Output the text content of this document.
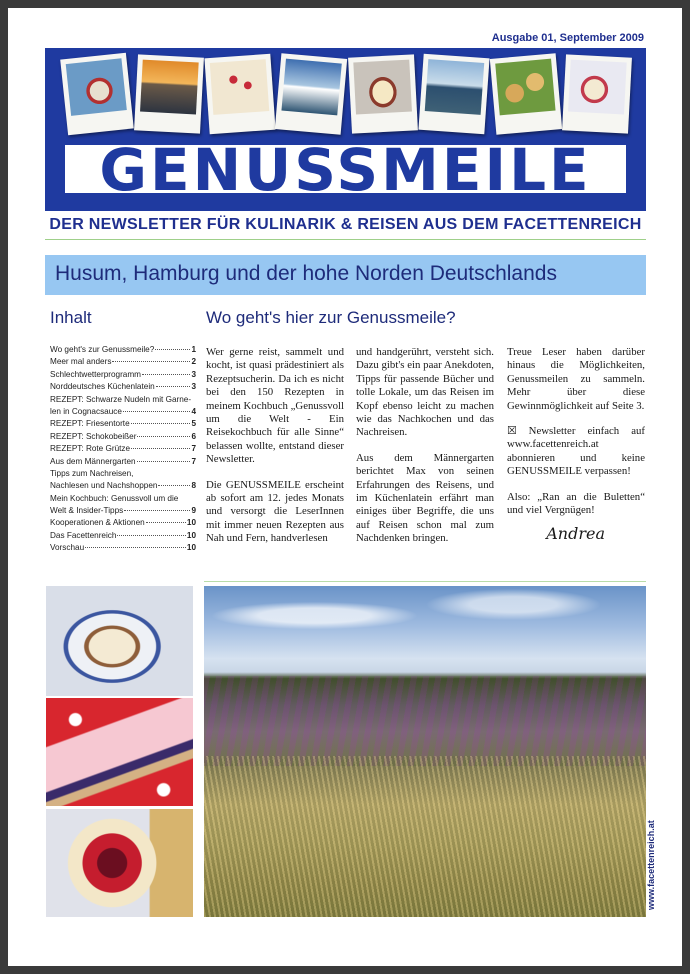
Ausgabe 01, September 2009
GENUSSMEILE
DER NEWSLETTER FÜR KULINARIK & REISEN AUS DEM FACETTENREICH
Husum, Hamburg und der hohe Norden Deutschlands
Inhalt
Wo geht's zur Genussmeile?	1
Meer mal anders	2
Schlechtwetterprogramm	3
Norddeutsches Küchenlatein	3
REZEPT: Schwarze Nudeln mit Garne-
len in Cognacsauce	4
REZEPT: Friesentorte	5
REZEPT: Schokobeißer	6
REZEPT: Rote Grütze	7
Aus dem Männergarten	7
Tipps zum Nachreisen,
Nachlesen und Nachshoppen	8
Mein Kochbuch: Genussvoll um die
Welt & Insider-Tipps	9
Kooperationen & Aktionen	10
Das Facettenreich	10
Vorschau	10
Wo geht's hier zur Genussmeile?

Wer gerne reist, sammelt und kocht, ist quasi prädestiniert als Rezeptsucherin. Da ich es nicht bei den 150 Rezepten in meinem Kochbuch „Genussvoll um die Welt - Ein Reisekochbuch für alle Sinne“ belassen wollte, entstand dieser Newsletter.

Die GENUSSMEILE erscheint ab sofort am 12. jedes Monats und versorgt die LeserInnen mit immer neuen Rezepten aus Nah und Fern, handverlesen

und handgerührt, versteht sich. Dazu gibt's ein paar Anekdoten, Tipps für passende Bücher und tolle Lokale, um das Reisen im Kopf ebenso leicht zu machen wie das Nachkochen und das Nachreisen.

Aus dem Männergarten berichtet Max von seinen Erfahrungen des Reisens, und im Küchenlatein erfährt man einiges über Begriffe, die uns auf Reisen schon mal zum Nachdenken bringen.

Treue Leser haben darüber hinaus die Möglichkeiten, Genussmeilen zu sammeln. Mehr über diese Gewinnmöglichkeit auf Seite 3.

☒ Newsletter einfach auf www.facettenreich.at abonnieren und keine GENUSSMEILE verpassen!

Also: „Ran an die Buletten“ und viel Vergnügen!

Andrea
www.facettenreich.at
